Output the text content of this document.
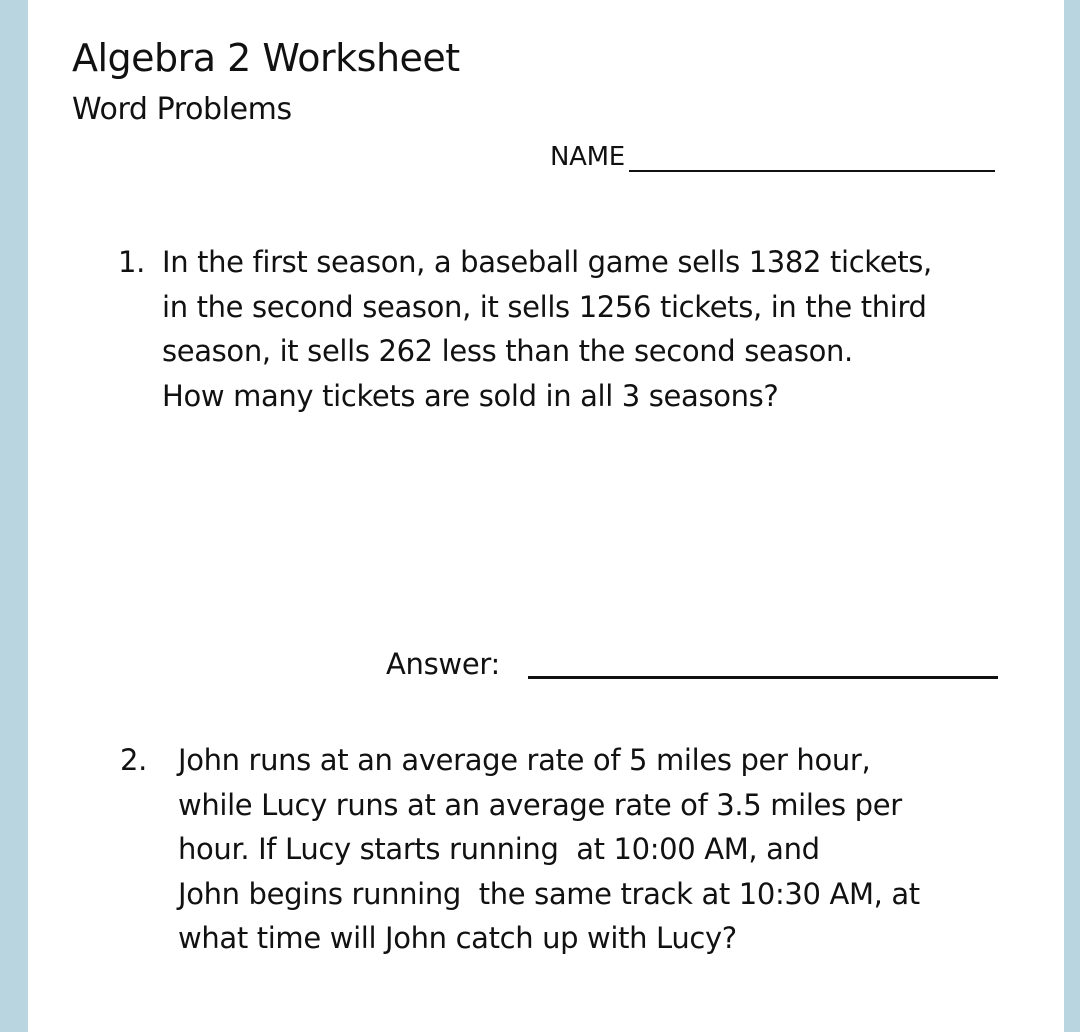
Algebra 2 Worksheet
Word Problems
NAME
1. In the first season, a baseball game sells 1382 tickets,
in the second season, it sells 1256 tickets, in the third
season, it sells 262 less than the second season.
How many tickets are sold in all 3 seasons?
Answer:
2. John runs at an average rate of 5 miles per hour,
while Lucy runs at an average rate of 3.5 miles per
hour. If Lucy starts running  at 10:00 AM, and
John begins running  the same track at 10:30 AM, at
what time will John catch up with Lucy?
